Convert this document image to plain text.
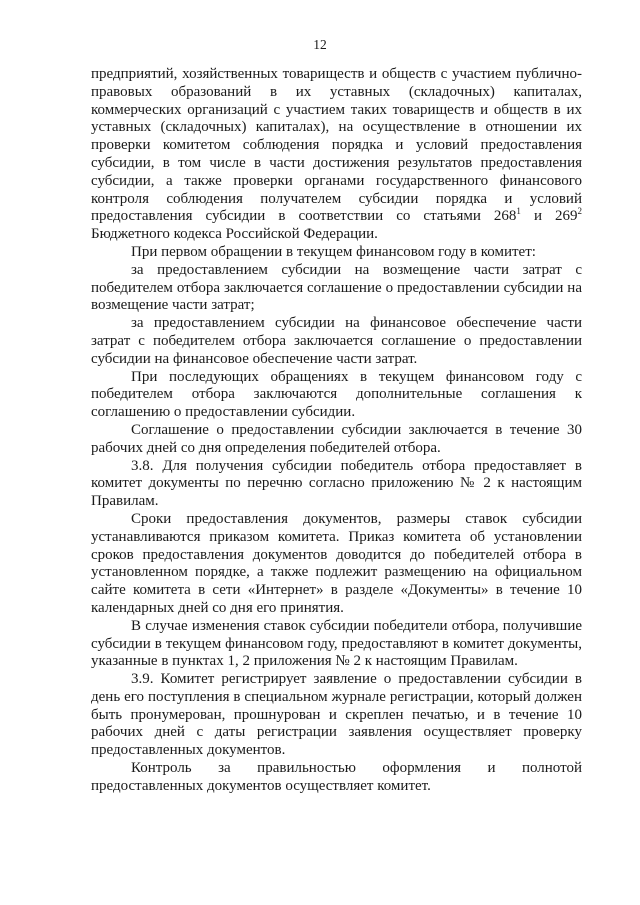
12

предприятий, хозяйственных товариществ и обществ с участием публично-правовых образований в их уставных (складочных) капиталах, коммерческих организаций с участием таких товариществ и обществ в их уставных (складочных) капиталах), на осуществление в отношении их проверки комитетом соблюдения порядка и условий предоставления субсидии, в том числе в части достижения результатов предоставления субсидии, а также проверки органами государственного финансового контроля соблюдения получателем субсидии порядка и условий предоставления субсидии в соответствии со статьями $268^1$ и $269^2$ Бюджетного кодекса Российской Федерации.

При первом обращении в текущем финансовом году в комитет:

за предоставлением субсидии на возмещение части затрат с победителем отбора заключается соглашение о предоставлении субсидии на возмещение части затрат;

за предоставлением субсидии на финансовое обеспечение части затрат с победителем отбора заключается соглашение о предоставлении субсидии на финансовое обеспечение части затрат.

При последующих обращениях в текущем финансовом году с победителем отбора заключаются дополнительные соглашения к соглашению о предоставлении субсидии.

Соглашение о предоставлении субсидии заключается в течение 30 рабочих дней со дня определения победителей отбора.

3.8. Для получения субсидии победитель отбора предоставляет в комитет документы по перечню согласно приложению № 2 к настоящим Правилам.

Сроки предоставления документов, размеры ставок субсидии устанавливаются приказом комитета. Приказ комитета об установлении сроков предоставления документов доводится до победителей отбора в установленном порядке, а также подлежит размещению на официальном сайте комитета в сети «Интернет» в разделе «Документы» в течение 10 календарных дней со дня его принятия.

В случае изменения ставок субсидии победители отбора, получившие субсидии в текущем финансовом году, предоставляют в комитет документы, указанные в пунктах 1, 2 приложения № 2 к настоящим Правилам.

3.9. Комитет регистрирует заявление о предоставлении субсидии в день его поступления в специальном журнале регистрации, который должен быть пронумерован, прошнурован и скреплен печатью, и в течение 10 рабочих дней с даты регистрации заявления осуществляет проверку предоставленных документов.

Контроль за правильностью оформления и полнотой предоставленных документов осуществляет комитет.
